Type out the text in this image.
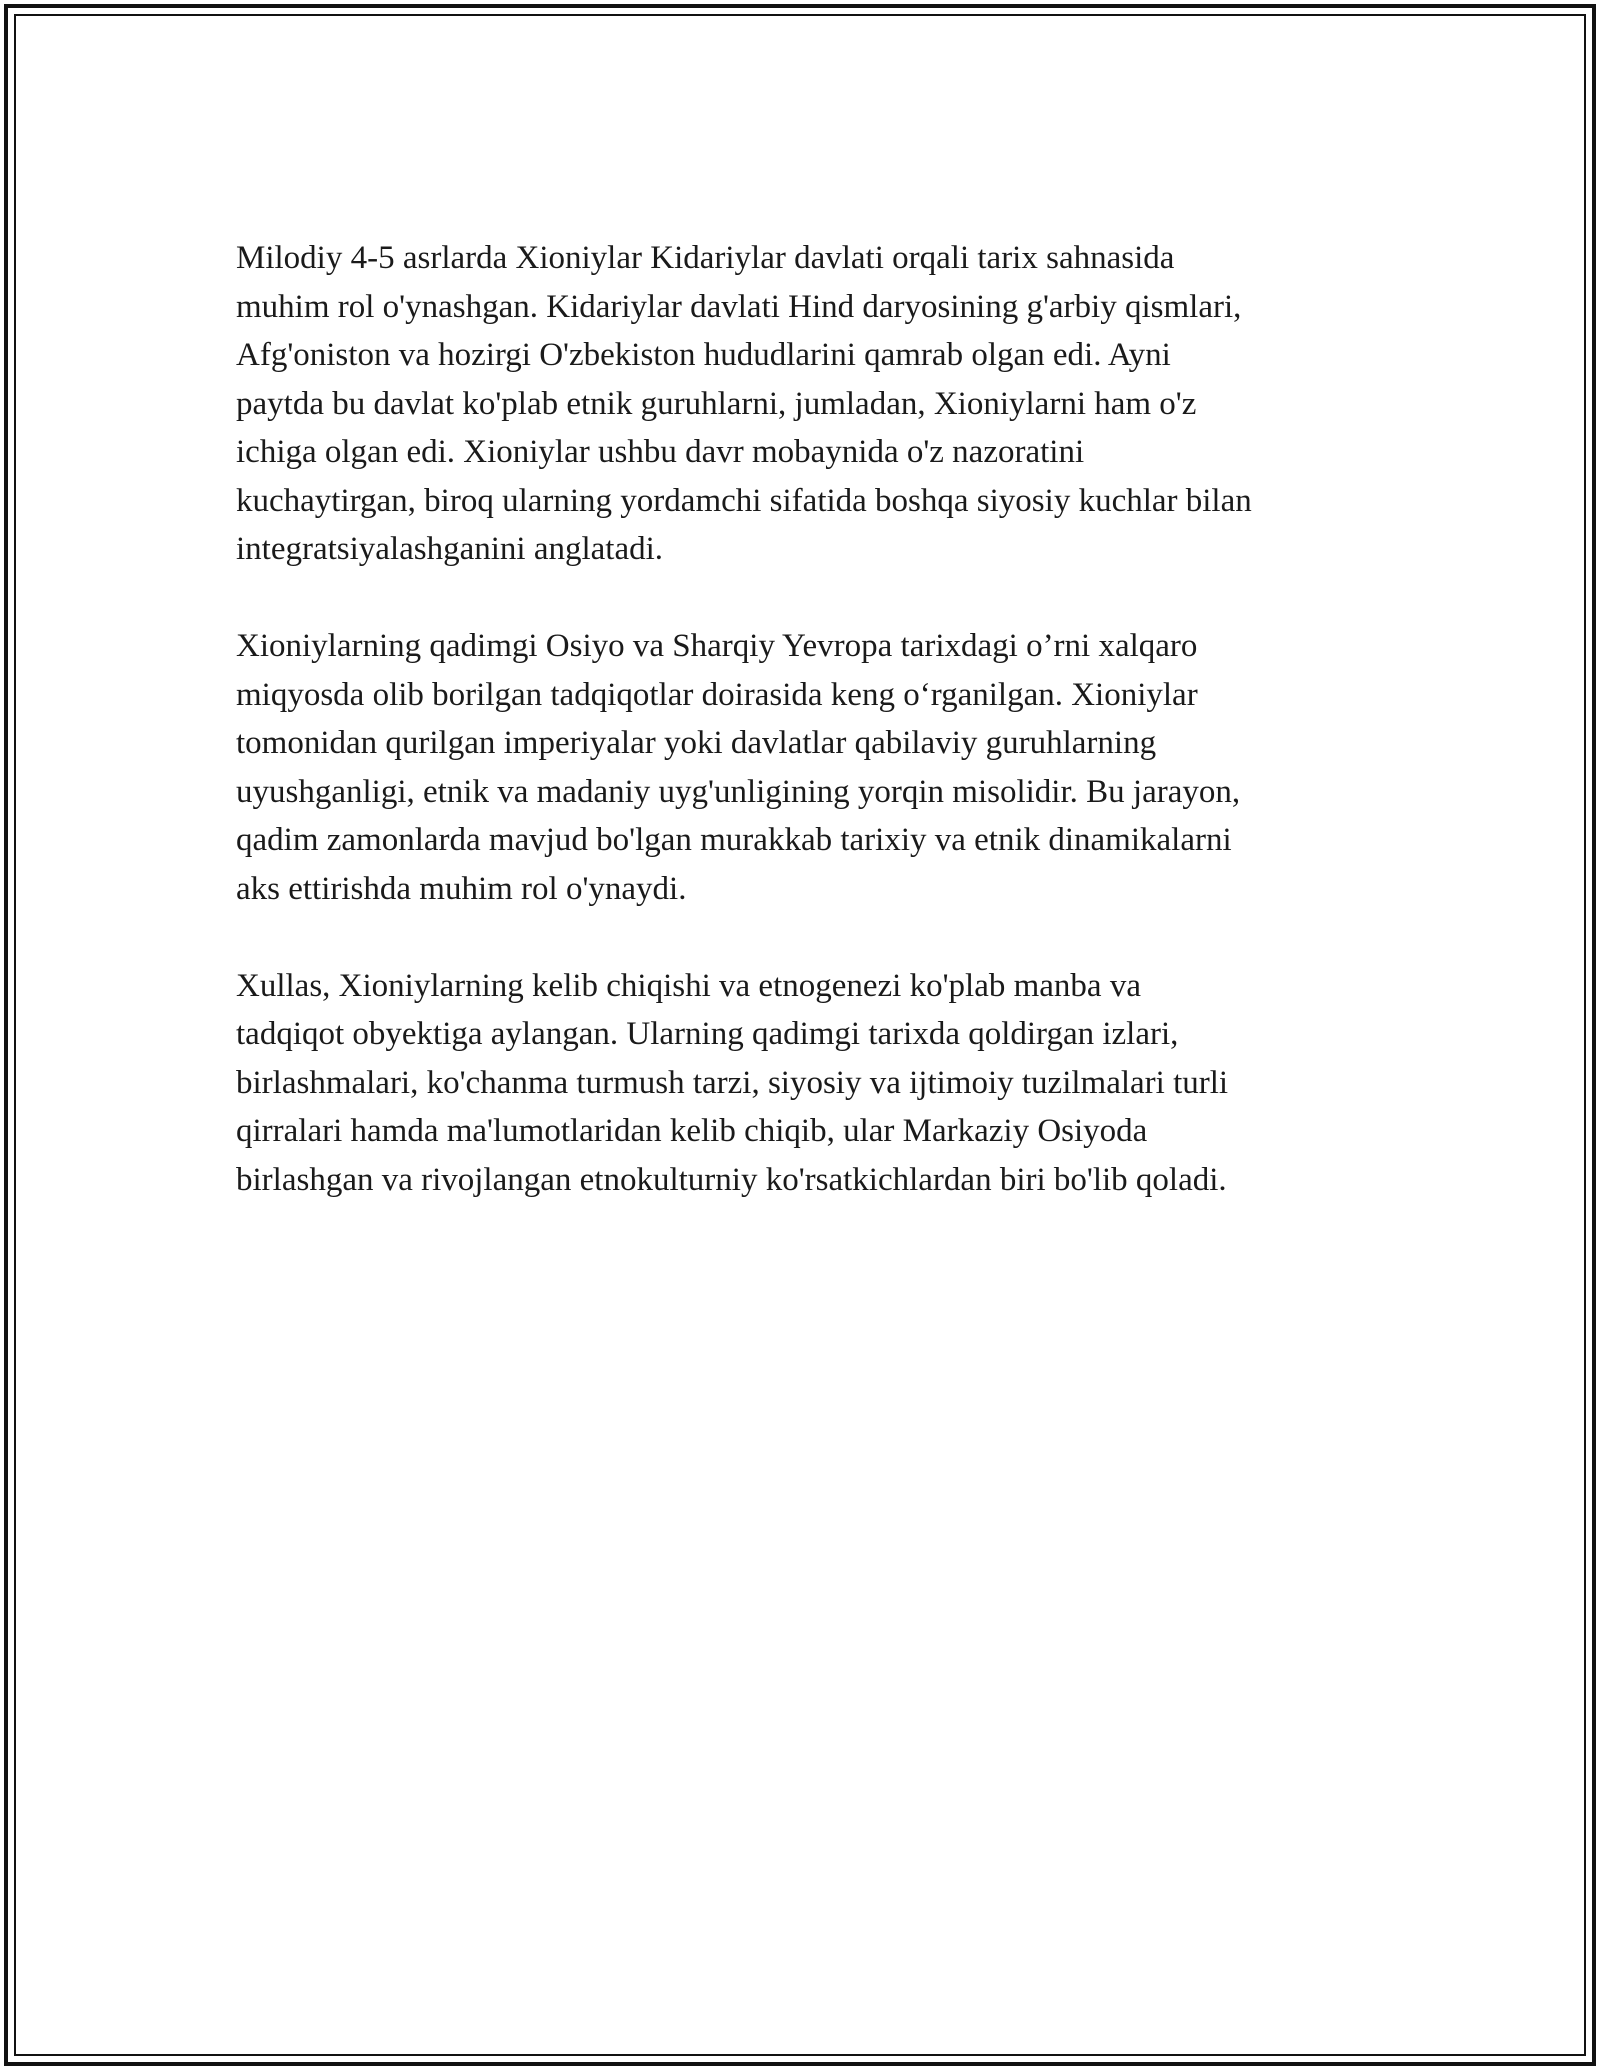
Milodiy 4-5 asrlarda Xioniylar Kidariylar davlati orqali tarix sahnasida
muhim rol o'ynashgan. Kidariylar davlati Hind daryosining g'arbiy qismlari,
Afg'oniston va hozirgi O'zbekiston hududlarini qamrab olgan edi. Ayni
paytda bu davlat ko'plab etnik guruhlarni, jumladan, Xioniylarni ham o'z
ichiga olgan edi. Xioniylar ushbu davr mobaynida o'z nazoratini
kuchaytirgan, biroq ularning yordamchi sifatida boshqa siyosiy kuchlar bilan
integratsiyalashganini anglatadi.

Xioniylarning qadimgi Osiyo va Sharqiy Yevropa tarixdagi o’rni xalqaro
miqyosda olib borilgan tadqiqotlar doirasida keng o‘rganilgan. Xioniylar
tomonidan qurilgan imperiyalar yoki davlatlar qabilaviy guruhlarning
uyushganligi, etnik va madaniy uyg'unligining yorqin misolidir. Bu jarayon,
qadim zamonlarda mavjud bo'lgan murakkab tarixiy va etnik dinamikalarni
aks ettirishda muhim rol o'ynaydi.

Xullas, Xioniylarning kelib chiqishi va etnogenezi ko'plab manba va
tadqiqot obyektiga aylangan. Ularning qadimgi tarixda qoldirgan izlari,
birlashmalari, ko'chanma turmush tarzi, siyosiy va ijtimoiy tuzilmalari turli
qirralari hamda ma'lumotlaridan kelib chiqib, ular Markaziy Osiyoda
birlashgan va rivojlangan etnokulturniy ko'rsatkichlardan biri bo'lib qoladi.
